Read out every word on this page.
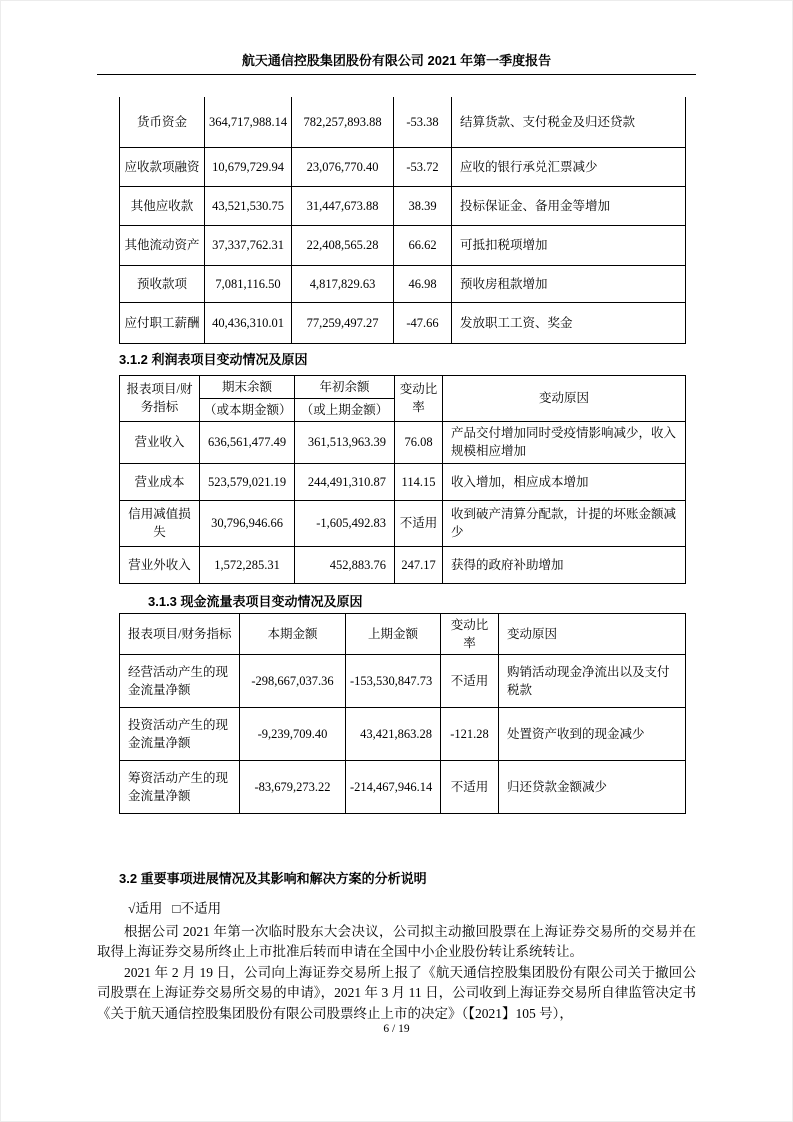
航天通信控股集团股份有限公司 2021 年第一季度报告
货币资金	364,717,988.14	782,257,893.88	-53.38	结算货款、支付税金及归还贷款
应收款项融资	10,679,729.94	23,076,770.40	-53.72	应收的银行承兑汇票减少
其他应收款	43,521,530.75	31,447,673.88	38.39	投标保证金、备用金等增加
其他流动资产	37,337,762.31	22,408,565.28	66.62	可抵扣税项增加
预收款项	7,081,116.50	4,817,829.63	46.98	预收房租款增加
应付职工薪酬	40,436,310.01	77,259,497.27	-47.66	发放职工工资、奖金
3.1.2 利润表项目变动情况及原因
报表项目/财务指标	期末余额	年初余额	变动比率	变动原因
	（或本期金额）	（或上期金额）		
营业收入	636,561,477.49	361,513,963.39	76.08	产品交付增加同时受疫情影响减少，收入规模相应增加
营业成本	523,579,021.19	244,491,310.87	114.15	收入增加，相应成本增加
信用减值损失	30,796,946.66	-1,605,492.83	不适用	收到破产清算分配款，计提的坏账金额减少
营业外收入	1,572,285.31	452,883.76	247.17	获得的政府补助增加
3.1.3 现金流量表项目变动情况及原因
报表项目/财务指标	本期金额	上期金额	变动比率	变动原因
经营活动产生的现金流量净额	-298,667,037.36	-153,530,847.73	不适用	购销活动现金净流出以及支付税款
投资活动产生的现金流量净额	-9,239,709.40	43,421,863.28	-121.28	处置资产收到的现金减少
筹资活动产生的现金流量净额	-83,679,273.22	-214,467,946.14	不适用	归还贷款金额减少
3.2 重要事项进展情况及其影响和解决方案的分析说明
√适用 □不适用

根据公司 2021 年第一次临时股东大会决议，公司拟主动撤回股票在上海证券交易所的交易并在取得上海证券交易所终止上市批准后转而申请在全国中小企业股份转让系统转让。

2021 年 2 月 19 日，公司向上海证券交易所上报了《航天通信控股集团股份有限公司关于撤回公司股票在上海证券交易所交易的申请》，2021 年 3 月 11 日，公司收到上海证券交易所自律监管决定书《关于航天通信控股集团股份有限公司股票终止上市的决定》（【2021】105 号），

6 / 19
